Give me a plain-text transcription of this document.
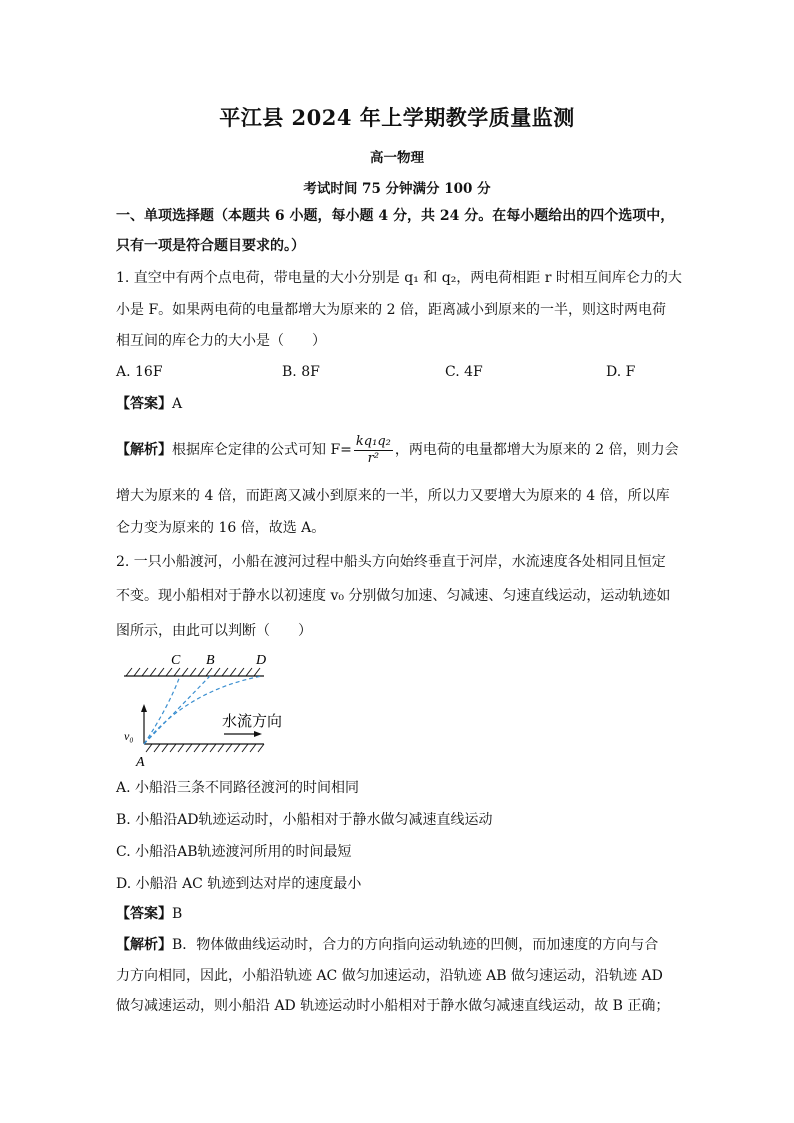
平江县 2024 年上学期教学质量监测
高一物理
考试时间 75 分钟满分 100 分
一、单项选择题（本题共 6 小题，每小题 4 分，共 24 分。在每小题给出的四个选项中，
只有一项是符合题目要求的。）
1. 直空中有两个点电荷，带电量的大小分别是 q₁ 和 q₂，两电荷相距 r 时相互间库仑力的大
小是 F。如果两电荷的电量都增大为原来的 2 倍，距离减小到原来的一半，则这时两电荷
相互间的库仑力的大小是（　　）
A. 16F	B. 8F	C. 4F	D. F
【答案】A
【解析】根据库仑定律的公式可知 $F= \frac{\text{kq₁q₂}}{\text{r²}}$ ，两电荷的电量都增大为原来的 2 倍，则力会
增大为原来的 4 倍，而距离又减小到原来的一半，所以力又要增大为原来的 4 倍，所以库
仑力变为原来的 16 倍，故选 A。
2. 一只小船渡河，小船在渡河过程中船头方向始终垂直于河岸，水流速度各处相同且恒定
不变。现小船相对于静水以初速度 v₀ 分别做匀加速、匀减速、匀速直线运动，运动轨迹如
图所示，由此可以判断（　　）
C B	D
A
v₀
水流方向
A. 小船沿三条不同路径渡河的时间相同
B. 小船沿AD轨迹运动时，小船相对于静水做匀减速直线运动
C. 小船沿AB轨迹渡河所用的时间最短
D. 小船沿 AC 轨迹到达对岸的速度最小
【答案】B
【解析】B．物体做曲线运动时，合力的方向指向运动轨迹的凹侧，而加速度的方向与合
力方向相同，因此，小船沿轨迹 AC 做匀加速运动，沿轨迹 AB 做匀速运动，沿轨迹 AD
做匀减速运动，则小船沿 AD 轨迹运动时小船相对于静水做匀减速直线运动，故 B 正确；
